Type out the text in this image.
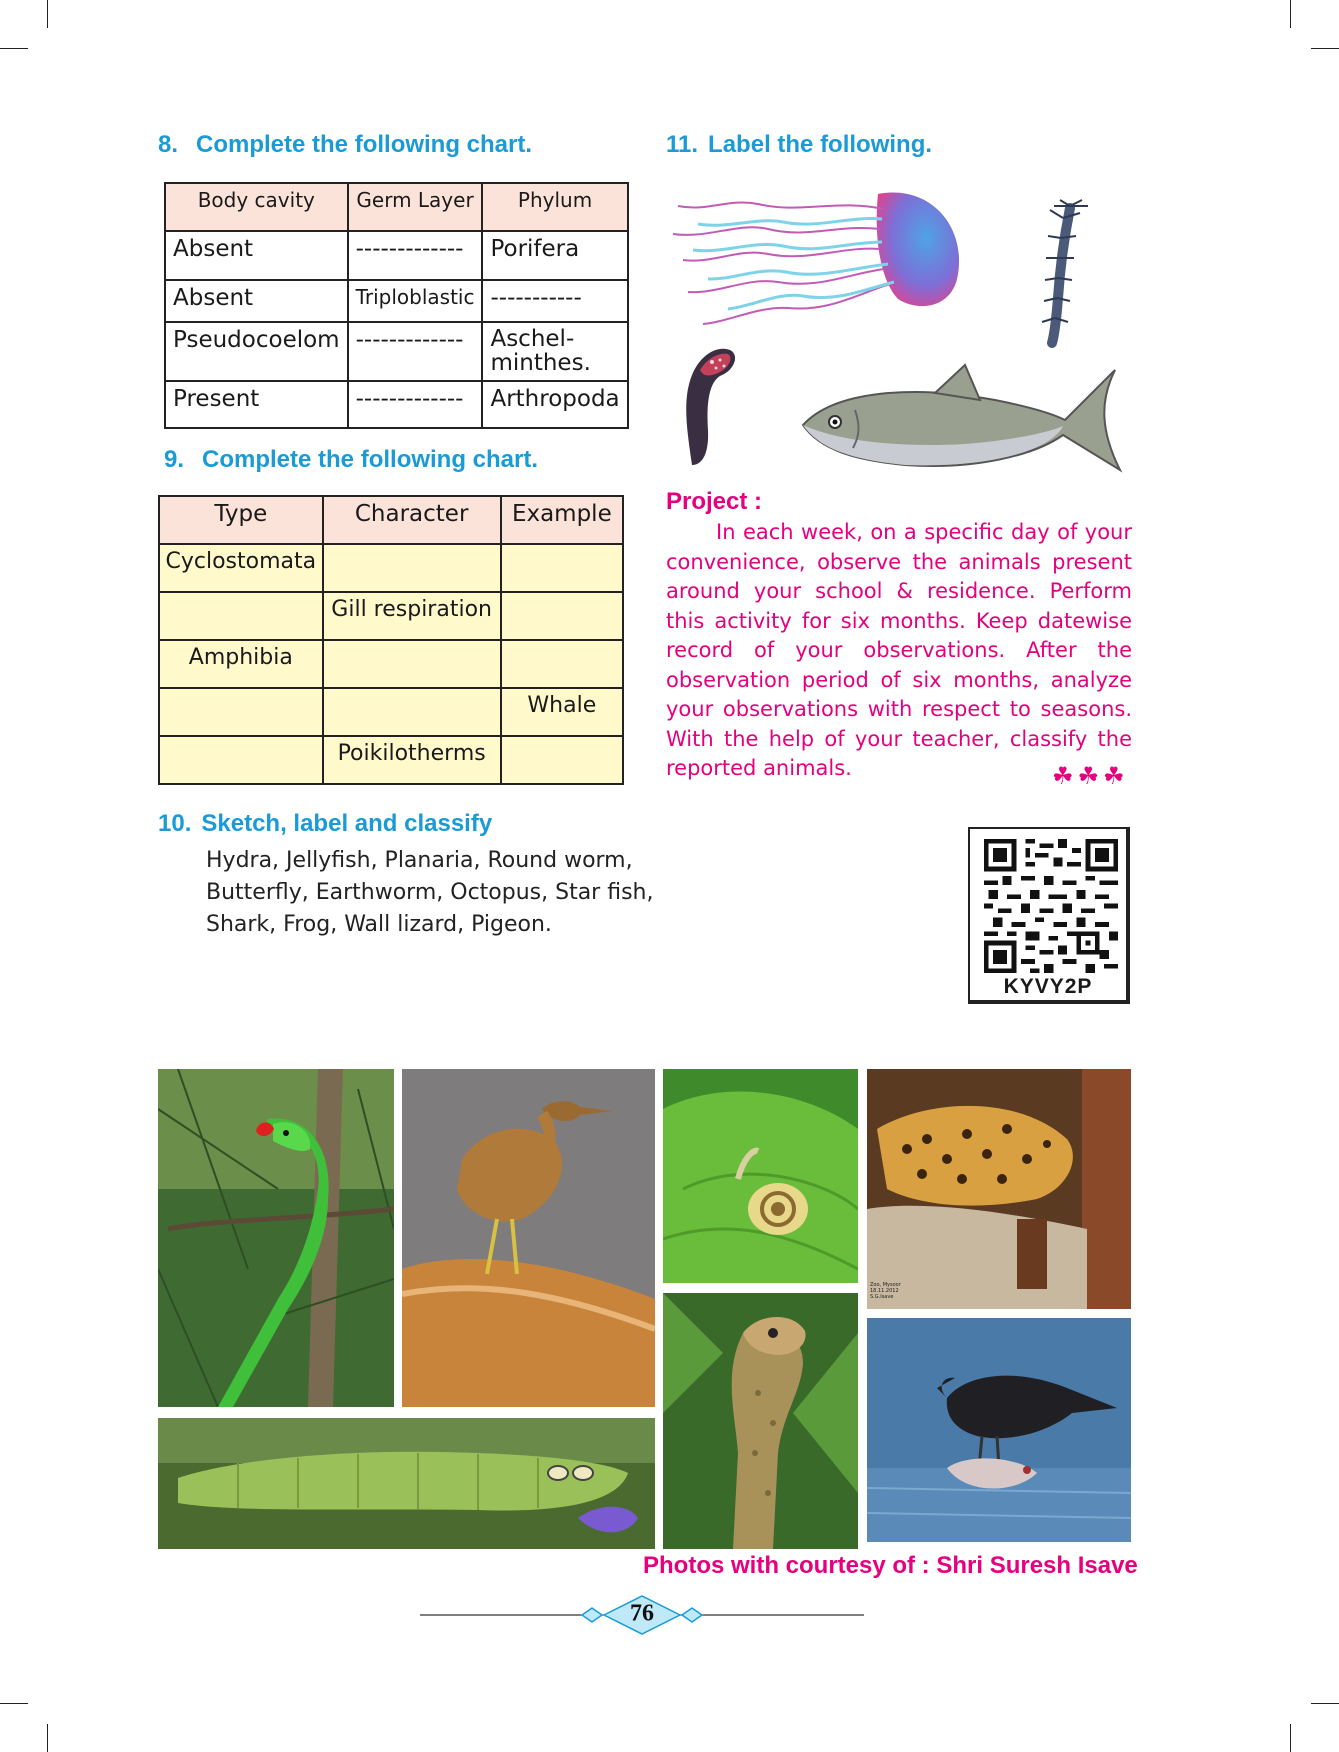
8. Complete the following chart.
Body cavity	Germ Layer	Phylum
Absent	-------------	Porifera
Absent	Triploblastic	-----------
Pseudocoelom	-------------	Aschel-
minthes.
Present	-------------	Arthropoda
9. Complete the following chart.
Type	Character	Example
Cyclostomata		
	Gill respiration	
Amphibia		
		Whale
	Poikilotherms	
10. Sketch, label and classify
Hydra, Jellyfish, Planaria, Round worm,
Butterfly, Earthworm, Octopus, Star fish,
Shark, Frog, Wall lizard, Pigeon.
11. Label the following.
Project :
In each week, on a specific day of your convenience, observe the animals present around your school & residence. Perform this activity for six months. Keep datewise record of your observations. After the observation period of six months, analyze your observations with respect to seasons. With the help of your teacher, classify the reported animals.	☘☘☘
KYVY2P
Zoo, Mysoor
18.11.2012
S.G.Isave
Photos with courtesy of : Shri Suresh Isave
76
